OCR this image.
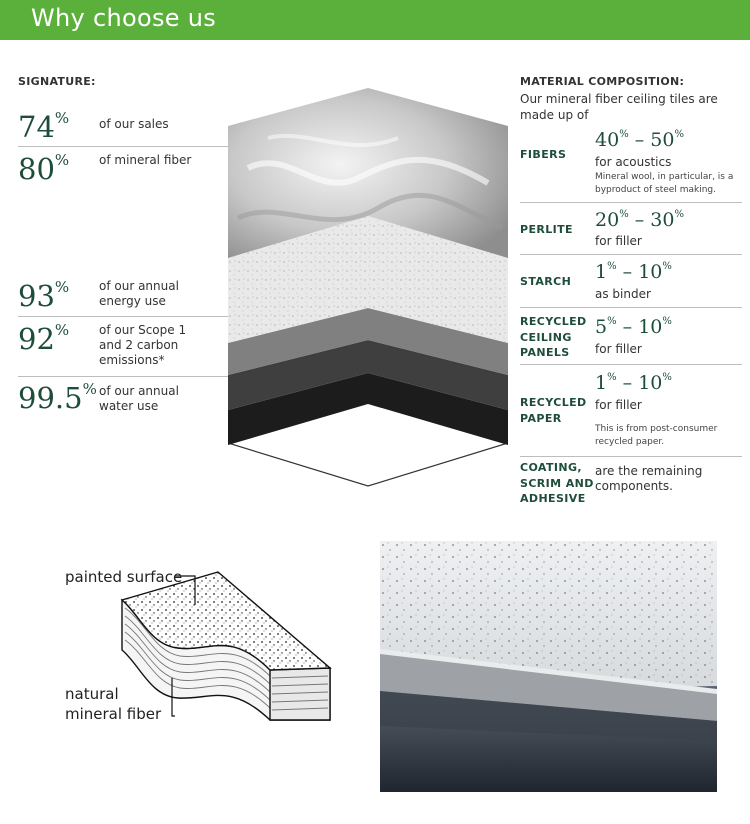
Why choose us
SIGNATURE:
74% of our sales
80% of mineral fiber
93% of our annual
energy use
92% of our Scope 1
and 2 carbon
emissions*
99.5% of our annual
water use
MATERIAL COMPOSITION:
Our mineral fiber ceiling tiles are
made up of
FIBERS
40% – 50%
for acoustics
Mineral wool, in particular, is a
byproduct of steel making.
PERLITE 20% – 30%
for filler
STARCH 1% – 10%
as binder
RECYCLED
CEILING
PANELS
5% – 10%
for filler
RECYCLED
PAPER
1% – 10%
for filler
This is from post-consumer
recycled paper.
COATING,
SCRIM AND
ADHESIVE
are the remaining
components.
painted surface
natural
mineral fiber
